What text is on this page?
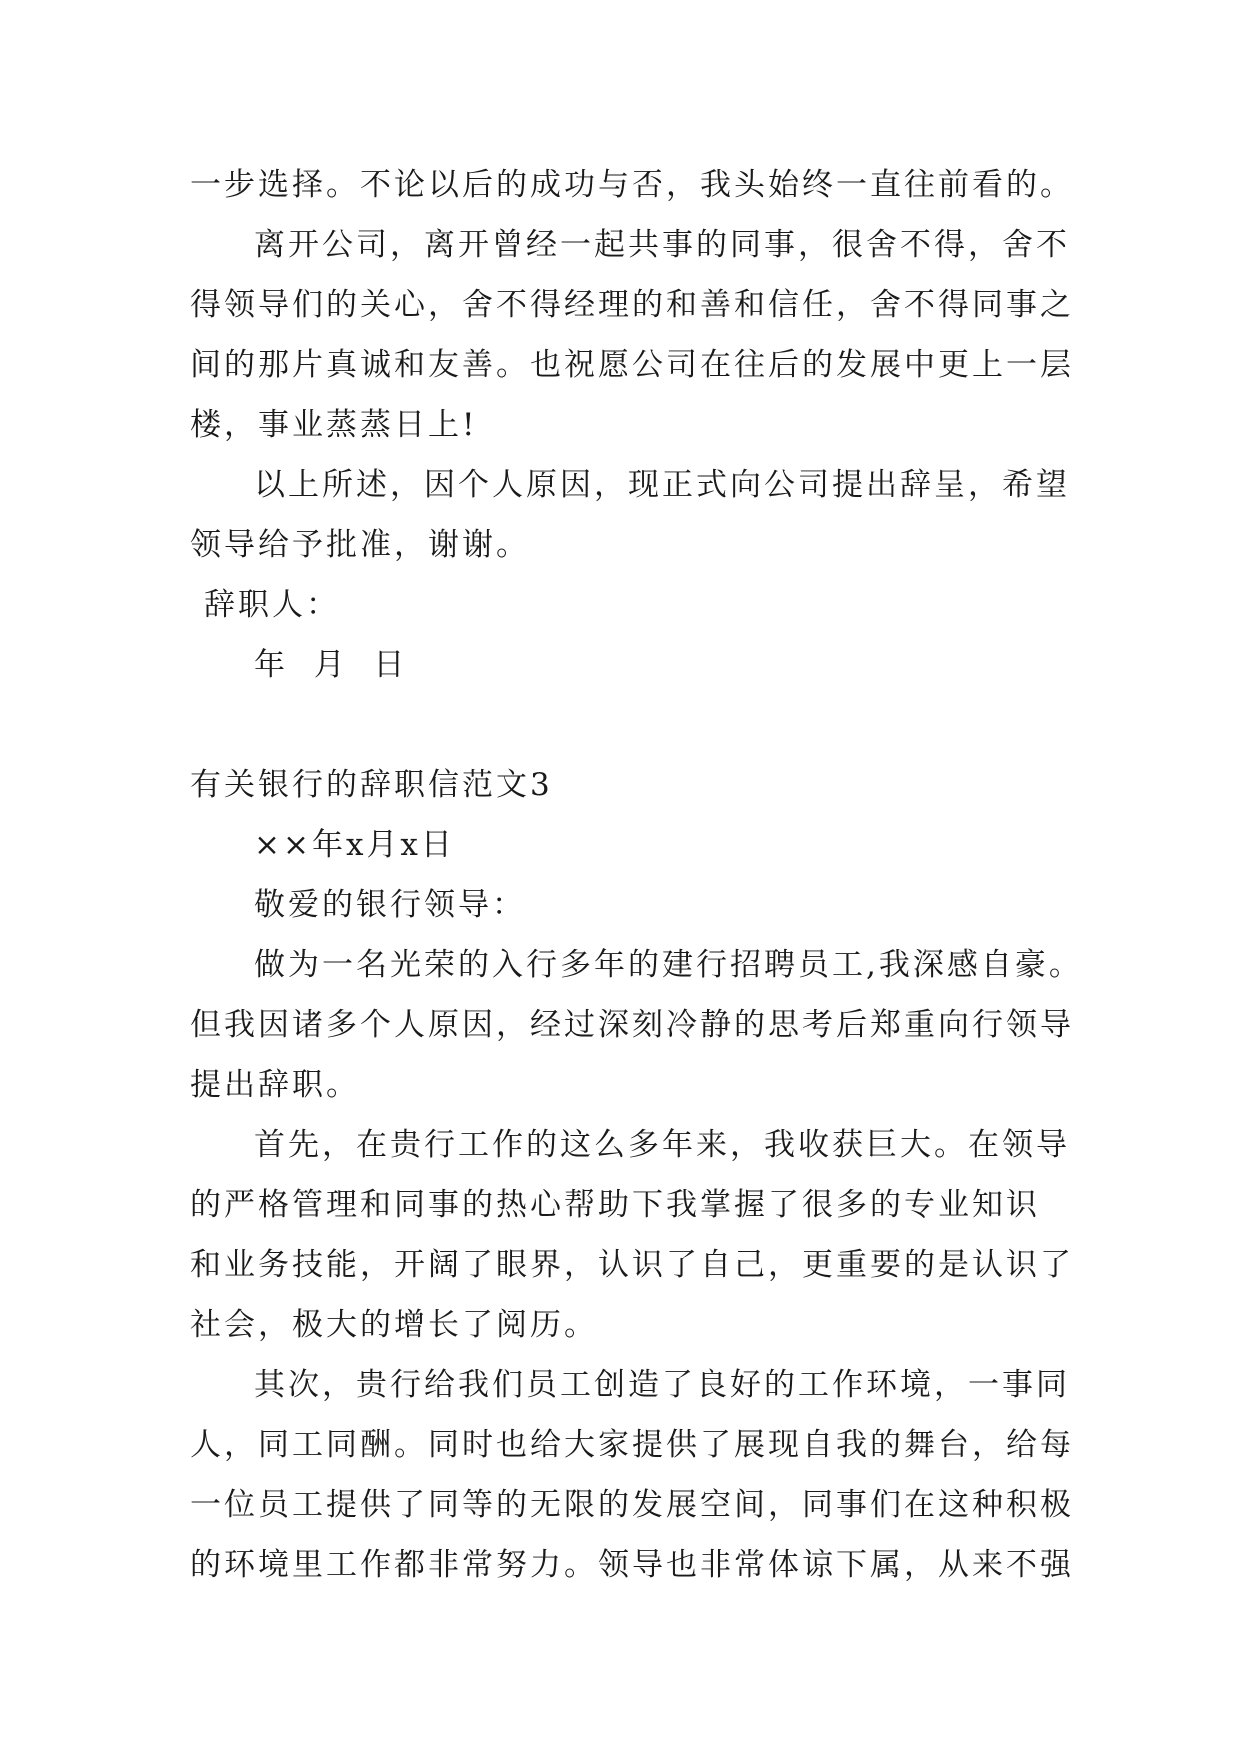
一步选择。不论以后的成功与否，我头始终一直往前看的。
离开公司，离开曾经一起共事的同事，很舍不得，舍不
得领导们的关心，舍不得经理的和善和信任，舍不得同事之
间的那片真诚和友善。也祝愿公司在往后的发展中更上一层
楼，事业蒸蒸日上!
以上所述，因个人原因，现正式向公司提出辞呈，希望
领导给予批准，谢谢。
辞职人：
年  月  日
有关银行的辞职信范文3
××年x月x日
敬爱的银行领导：
做为一名光荣的入行多年的建行招聘员工,我深感自豪。
但我因诸多个人原因，经过深刻冷静的思考后郑重向行领导
提出辞职。
首先，在贵行工作的这么多年来，我收获巨大。在领导
的严格管理和同事的热心帮助下我掌握了很多的专业知识
和业务技能，开阔了眼界，认识了自己，更重要的是认识了
社会，极大的增长了阅历。
其次，贵行给我们员工创造了良好的工作环境，一事同
人，同工同酬。同时也给大家提供了展现自我的舞台，给每
一位员工提供了同等的无限的发展空间，同事们在这种积极
的环境里工作都非常努力。领导也非常体谅下属，从来不强
